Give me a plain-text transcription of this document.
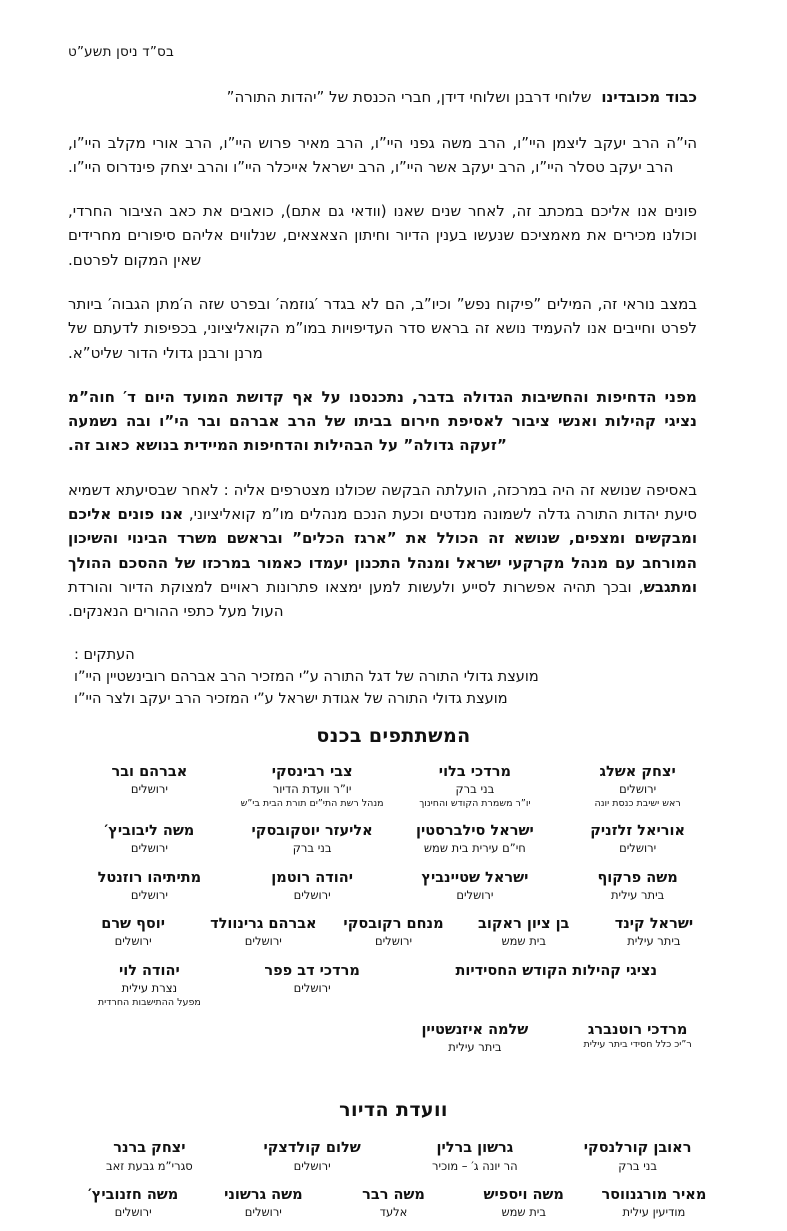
בס”ד ניסן תשע”ט
כבוד מכובדינושלוחי דרבנן ושלוחי דידן, חברי הכנסת של ”יהדות התורה”

הי”ה הרב יעקב ליצמן היי”ו, הרב משה גפני היי”ו, הרב מאיר פרוש היי”ו, הרב אורי מקלב היי”ו, הרב יעקב טסלר היי”ו, הרב יעקב אשר היי”ו, הרב ישראל אייכלר היי”ו והרב יצחק פינדרוס היי”ו.

פונים אנו אליכם במכתב זה, לאחר שנים שאנו (וודאי גם אתם), כואבים את כאב הציבור החרדי, וכולנו מכירים את מאמציכם שנעשו בענין הדיור וחיתון הצאצאים, שנלווים אליהם סיפורים מחרידים שאין המקום לפרטם.

במצב נוראי זה, המילים ”פיקוח נפש” וכיו”ב, הם לא בגדר ′גוזמה′ ובפרט שזה ה′מתן הגבוה′ ביותר לפרט וחייבים אנו להעמיד נושא זה בראש סדר העדיפויות במו”מ הקואליציוני, בכפיפות לדעתם של מרנן ורבנן גדולי הדור שליט”א.

מפני הדחיפות והחשיבות הגדולה בדבר, נתכנסנו על אף קדושת המועד היום ד′ חוה”מ נציגי קהילות ואנשי ציבור לאסיפת חירום בביתו של הרב אברהם ובר הי”ו ובה נשמעה ”זעקה גדולה” על הבהילות והדחיפות המיידית בנושא כאוב זה.

באסיפה שנושא זה היה במרכזה, הועלתה הבקשה שכולנו מצטרפים אליה : לאחר שבסיעתא דשמיא סיעת יהדות התורה גדלה לשמונה מנדטים וכעת הנכם מנהלים מו”מ קואליציוני, אנו פונים אליכם ומבקשים ומצפים, שנושא זה הכולל את ”ארגז הכלים” ובראשם משרד הבינוי והשיכון המורחב עם מנהל מקרקעי ישראל ומנהל התכנון יעמדו כאמור במרכזו של ההסכם ההולך ומתגבש, ובכך תהיה אפשרות לסייע ולעשות למען ימצאו פתרונות ראויים למצוקת הדיור והורדת העול מעל כתפי ההורים הנאנקים.

העתקים :
מועצת גדולי התורה של דגל התורה ע”י המזכיר הרב אברהם רובינשטיין היי”ו
מועצת גדולי התורה של אגודת ישראל ע”י המזכיר הרב יעקב ולצר היי”ו
המשתתפים בכנס
יצחק אשלג
ירושלים
ראש ישיבת כנסת יונה

מרדכי בלוי
בני ברק
יו”ר משמרת הקודש והחינוך

צבי רבינסקי
יו”ר וועדת הדיור
מנהל רשת התי”ים תורת הבית בי”ש

אברהם ובר
ירושלים

אוריאל זלזניק
ירושלים

ישראל סילברסטין
חי”ם עירית בית שמש

אליעזר יוטקובסקי
בני ברק

משה ליבוביץ′
ירושלים

משה פרקוף
ביתר עילית

ישראל שטיינביץ
ירושלים

יהודה רוטמן
ירושלים

מתיתיהו רוזנטל
ירושלים
ישראל קינד
ביתר עילית

בן ציון ראקוב
בית שמש

מנחם רקובסקי
ירושלים

אברהם גרינוולד
ירושלים

יוסף שרם
ירושלים
נציגי קהילות הקודש החסידיות

מרדכי דב פפר
ירושלים

יהודה לוי
נצרת עילית
מפעל ההתישבות החרדית

מרדכי רוטנברג
ר”יכ כלל חסידי ביתר עילית

שלמה איזנשטיין
ביתר עילית

וועדת הדיור
ראובן קורלנסקי
בני ברק

גרשון ברלין
הר יונה ג′ – מוכיר

שלום קולדצקי
ירושלים

יצחק ברנר
סגרי”מ גבעת זאב
מאיר מורגנווסר
מודיעין עילית

משה ויספיש
בית שמש

משה רבר
אלעד

משה גרשוני
ירושלים

משה חזנוביץ′
ירושלים
